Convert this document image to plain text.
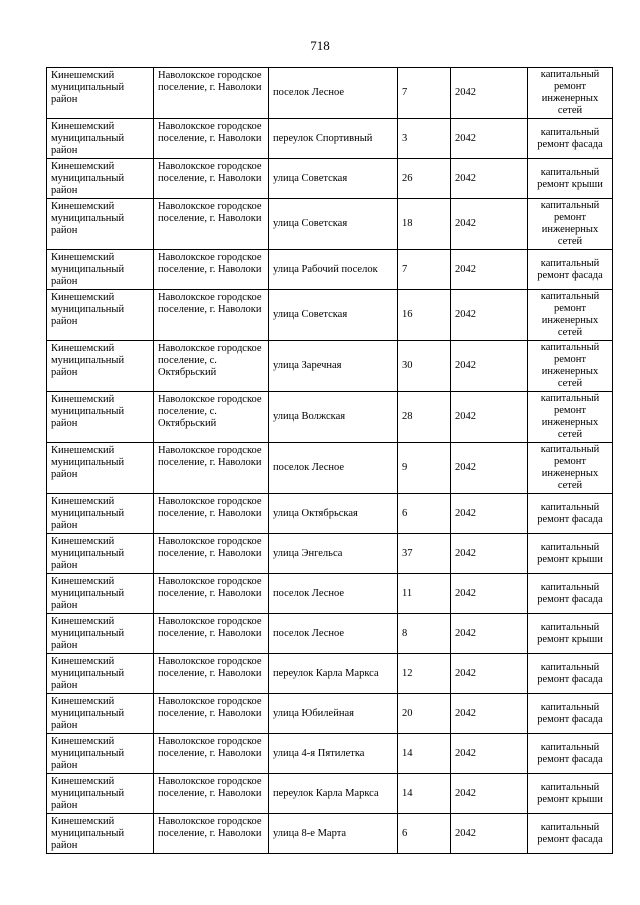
718
Кинешемский муниципальный район	Наволокское городское поселение, г. Наволоки	поселок Лесное	7	2042	капитальный ремонт инженерных сетей
Кинешемский муниципальный район	Наволокское городское поселение, г. Наволоки	переулок Спортивный	3	2042	капитальный ремонт фасада
Кинешемский муниципальный район	Наволокское городское поселение, г. Наволоки	улица Советская	26	2042	капитальный ремонт крыши
Кинешемский муниципальный район	Наволокское городское поселение, г. Наволоки	улица Советская	18	2042	капитальный ремонт инженерных сетей
Кинешемский муниципальный район	Наволокское городское поселение, г. Наволоки	улица Рабочий поселок	7	2042	капитальный ремонт фасада
Кинешемский муниципальный район	Наволокское городское поселение, г. Наволоки	улица Советская	16	2042	капитальный ремонт инженерных сетей
Кинешемский муниципальный район	Наволокское городское поселение, с. Октябрьский	улица Заречная	30	2042	капитальный ремонт инженерных сетей
Кинешемский муниципальный район	Наволокское городское поселение, с. Октябрьский	улица Волжская	28	2042	капитальный ремонт инженерных сетей
Кинешемский муниципальный район	Наволокское городское поселение, г. Наволоки	поселок Лесное	9	2042	капитальный ремонт инженерных сетей
Кинешемский муниципальный район	Наволокское городское поселение, г. Наволоки	улица Октябрьская	6	2042	капитальный ремонт фасада
Кинешемский муниципальный район	Наволокское городское поселение, г. Наволоки	улица Энгельса	37	2042	капитальный ремонт крыши
Кинешемский муниципальный район	Наволокское городское поселение, г. Наволоки	поселок Лесное	11	2042	капитальный ремонт фасада
Кинешемский муниципальный район	Наволокское городское поселение, г. Наволоки	поселок Лесное	8	2042	капитальный ремонт крыши
Кинешемский муниципальный район	Наволокское городское поселение, г. Наволоки	переулок Карла Маркса	12	2042	капитальный ремонт фасада
Кинешемский муниципальный район	Наволокское городское поселение, г. Наволоки	улица Юбилейная	20	2042	капитальный ремонт фасада
Кинешемский муниципальный район	Наволокское городское поселение, г. Наволоки	улица 4-я Пятилетка	14	2042	капитальный ремонт фасада
Кинешемский муниципальный район	Наволокское городское поселение, г. Наволоки	переулок Карла Маркса	14	2042	капитальный ремонт крыши
Кинешемский муниципальный район	Наволокское городское поселение, г. Наволоки	улица 8-е Марта	6	2042	капитальный ремонт фасада
